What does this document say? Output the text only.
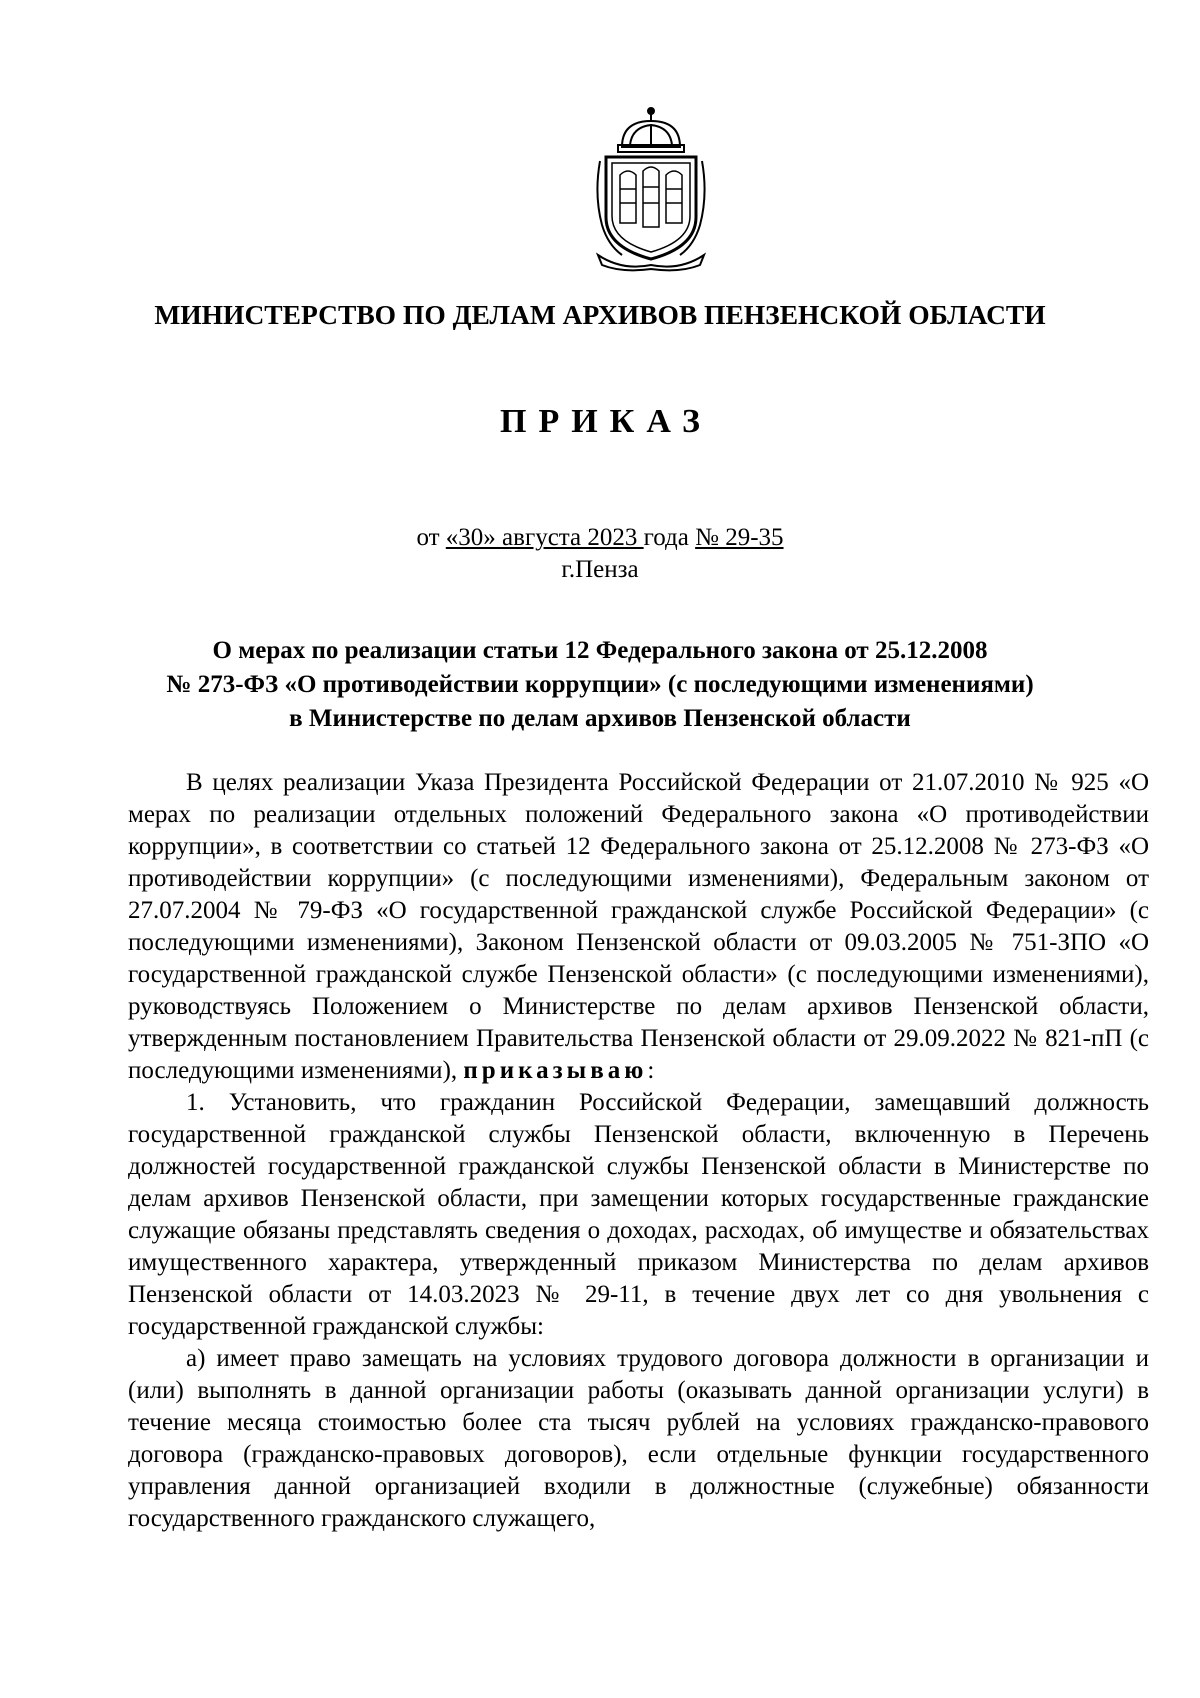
МИНИСТЕРСТВО ПО ДЕЛАМ АРХИВОВ ПЕНЗЕНСКОЙ ОБЛАСТИ
ПРИКАЗ
от «30» августа 2023 года № 29-35
г.Пенза
О мерах по реализации статьи 12 Федерального закона от 25.12.2008
№ 273-ФЗ «О противодействии коррупции» (с последующими изменениями)
в Министерстве по делам архивов Пензенской области

В целях реализации Указа Президента Российской Федерации от 21.07.2010 № 925 «О мерах по реализации отдельных положений Федерального закона «О противодействии коррупции», в соответствии со статьей 12 Федерального закона от 25.12.2008 № 273-ФЗ «О противодействии коррупции» (с последующими изменениями), Федеральным законом от 27.07.2004 № 79-ФЗ «О государственной гражданской службе Российской Федерации» (с последующими изменениями), Законом Пензенской области от 09.03.2005 № 751-ЗПО «О государственной гражданской службе Пензенской области» (с последующими изменениями), руководствуясь Положением о Министерстве по делам архивов Пензенской области, утвержденным постановлением Правительства Пензенской области от 29.09.2022 № 821-пП (с последующими изменениями), приказываю:

1. Установить, что гражданин Российской Федерации, замещавший должность государственной гражданской службы Пензенской области, включенную в Перечень должностей государственной гражданской службы Пензенской области в Министерстве по делам архивов Пензенской области, при замещении которых государственные гражданские служащие обязаны представлять сведения о доходах, расходах, об имуществе и обязательствах имущественного характера, утвержденный приказом Министерства по делам архивов Пензенской области от 14.03.2023 № 29-11, в течение двух лет со дня увольнения с государственной гражданской службы:

а) имеет право замещать на условиях трудового договора должности в организации и (или) выполнять в данной организации работы (оказывать данной организации услуги) в течение месяца стоимостью более ста тысяч рублей на условиях гражданско-правового договора (гражданско-правовых договоров), если отдельные функции государственного управления данной организацией входили в должностные (служебные) обязанности государственного гражданского служащего,
